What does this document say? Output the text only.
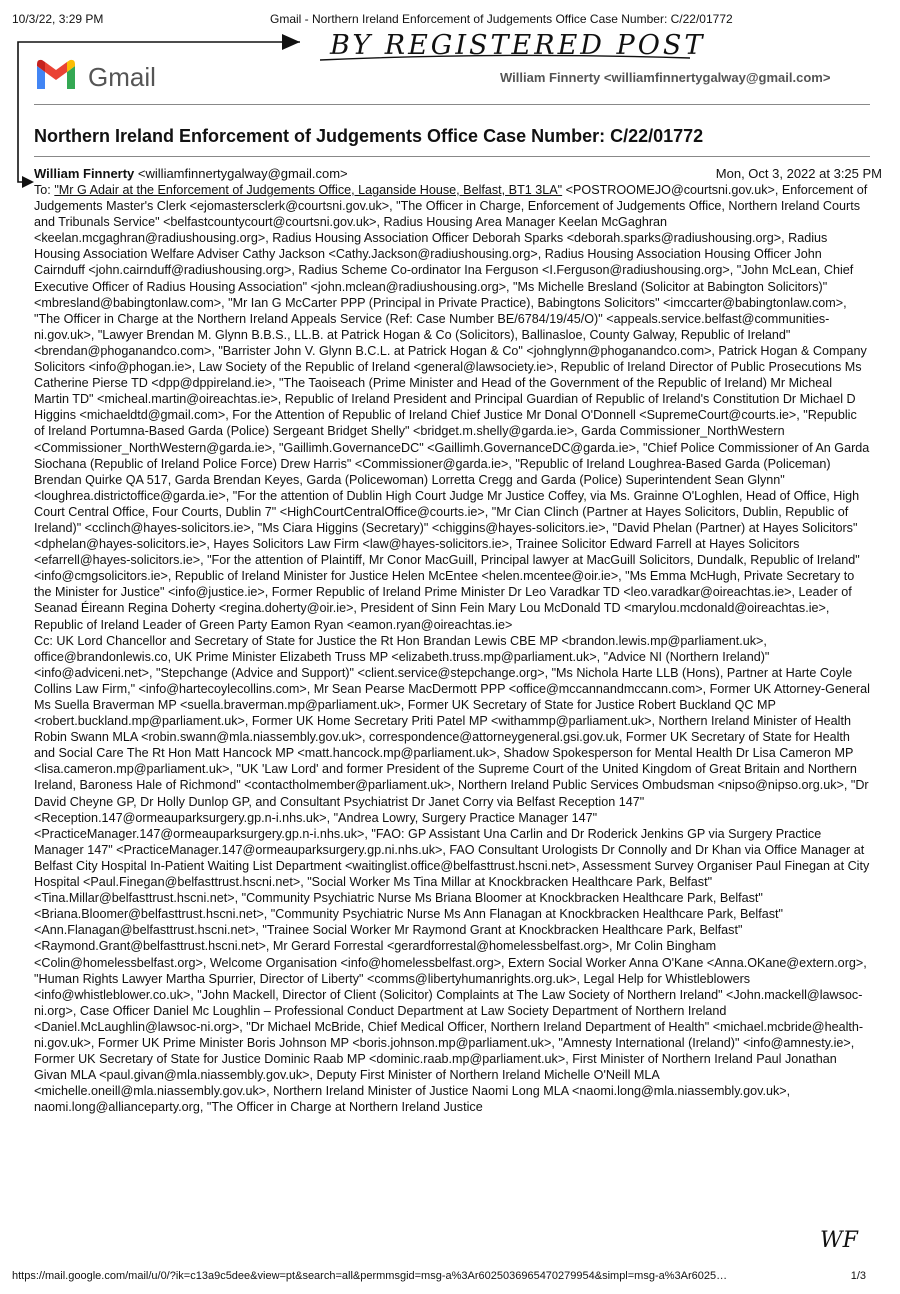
10/3/22, 3:29 PM	Gmail - Northern Ireland Enforcement of Judgements Office Case Number: C/22/01772
BY REGISTERED POST
Gmail	William Finnerty <williamfinnertygalway@gmail.com>
Northern Ireland Enforcement of Judgements Office Case Number: C/22/01772
William Finnerty <williamfinnertygalway@gmail.com>	Mon, Oct 3, 2022 at 3:25 PM
To: "Mr G Adair at the Enforcement of Judgements Office, Laganside House, Belfast, BT1 3LA" <POSTROOMEJO@courtsni.gov.uk>, Enforcement of Judgements Master's Clerk <ejomastersclerk@courtsni.gov.uk>, "The Officer in Charge, Enforcement of Judgements Office, Northern Ireland Courts and Tribunals Service" <belfastcountycourt@courtsni.gov.uk>, Radius Housing Area Manager Keelan McGaghran <keelan.mcgaghran@radiushousing.org>, Radius Housing Association Officer Deborah Sparks <deborah.sparks@radiushousing.org>, Radius Housing Association Welfare Adviser Cathy Jackson <Cathy.Jackson@radiushousing.org>, Radius Housing Association Housing Officer John Cairnduff <john.cairnduff@radiushousing.org>, Radius Scheme Co-ordinator Ina Ferguson <I.Ferguson@radiushousing.org>, "John McLean, Chief Executive Officer of Radius Housing Association" <john.mclean@radiushousing.org>, "Ms Michelle Bresland (Solicitor at Babington Solicitors)" <mbresland@babingtonlaw.com>, "Mr Ian G McCarter PPP (Principal in Private Practice), Babingtons Solicitors" <imccarter@babingtonlaw.com>, "The Officer in Charge at the Northern Ireland Appeals Service (Ref: Case Number BE/6784/19/45/O)" <appeals.service.belfast@communities-ni.gov.uk>, "Lawyer Brendan M. Glynn B.B.S., LL.B. at Patrick Hogan & Co (Solicitors), Ballinasloe, County Galway, Republic of Ireland" <brendan@phoganandco.com>, "Barrister John V. Glynn B.C.L. at Patrick Hogan & Co" <johnglynn@phoganandco.com>, Patrick Hogan & Company Solicitors <info@phogan.ie>, Law Society of the Republic of Ireland <general@lawsociety.ie>, Republic of Ireland Director of Public Prosecutions Ms Catherine Pierse TD <dpp@dppireland.ie>, "The Taoiseach (Prime Minister and Head of the Government of the Republic of Ireland) Mr Micheal Martin TD" <micheal.martin@oireachtas.ie>, Republic of Ireland President and Principal Guardian of Republic of Ireland's Constitution Dr Michael D Higgins <michaeldtd@gmail.com>, For the Attention of Republic of Ireland Chief Justice Mr Donal O'Donnell <SupremeCourt@courts.ie>, "Republic of Ireland Portumna-Based Garda (Police) Sergeant Bridget Shelly" <bridget.m.shelly@garda.ie>, Garda Commissioner_NorthWestern <Commissioner_NorthWestern@garda.ie>, "Gaillimh.GovernanceDC" <Gaillimh.GovernanceDC@garda.ie>, "Chief Police Commissioner of An Garda Siochana (Republic of Ireland Police Force) Drew Harris" <Commissioner@garda.ie>, "Republic of Ireland Loughrea-Based Garda (Policeman) Brendan Quirke QA 517, Garda Brendan Keyes, Garda (Policewoman) Lorretta Cregg and Garda (Police) Superintendent Sean Glynn" <loughrea.districtoffice@garda.ie>, "For the attention of Dublin High Court Judge Mr Justice Coffey, via Ms. Grainne O'Loghlen, Head of Office, High Court Central Office, Four Courts, Dublin 7" <HighCourtCentralOffice@courts.ie>, "Mr Cian Clinch (Partner at Hayes Solicitors, Dublin, Republic of Ireland)" <cclinch@hayes-solicitors.ie>, "Ms Ciara Higgins (Secretary)" <chiggins@hayes-solicitors.ie>, "David Phelan (Partner) at Hayes Solicitors" <dphelan@hayes-solicitors.ie>, Hayes Solicitors Law Firm <law@hayes-solicitors.ie>, Trainee Solicitor Edward Farrell at Hayes Solicitors <efarrell@hayes-solicitors.ie>, "For the attention of Plaintiff, Mr Conor MacGuill, Principal lawyer at MacGuill Solicitors, Dundalk, Republic of Ireland" <info@cmgsolicitors.ie>, Republic of Ireland Minister for Justice Helen McEntee <helen.mcentee@oir.ie>, "Ms Emma McHugh, Private Secretary to the Minister for Justice" <info@justice.ie>, Former Republic of Ireland Prime Minister Dr Leo Varadkar TD <leo.varadkar@oireachtas.ie>, Leader of Seanad Éireann Regina Doherty <regina.doherty@oir.ie>, President of Sinn Fein Mary Lou McDonald TD <marylou.mcdonald@oireachtas.ie>, Republic of Ireland Leader of Green Party Eamon Ryan <eamon.ryan@oireachtas.ie>
Cc: UK Lord Chancellor and Secretary of State for Justice the Rt Hon Brandan Lewis CBE MP <brandon.lewis.mp@parliament.uk>, office@brandonlewis.co, UK Prime Minister Elizabeth Truss MP <elizabeth.truss.mp@parliament.uk>, "Advice NI (Northern Ireland)" <info@adviceni.net>, "Stepchange (Advice and Support)" <client.service@stepchange.org>, "Ms Nichola Harte LLB (Hons), Partner at Harte Coyle Collins Law Firm," <info@hartecoylecollins.com>, Mr Sean Pearse MacDermott PPP <office@mccannandmccann.com>, Former UK Attorney-General Ms Suella Braverman MP <suella.braverman.mp@parliament.uk>, Former UK Secretary of State for Justice Robert Buckland QC MP <robert.buckland.mp@parliament.uk>, Former UK Home Secretary Priti Patel MP <withammp@parliament.uk>, Northern Ireland Minister of Health Robin Swann MLA <robin.swann@mla.niassembly.gov.uk>, correspondence@attorneygeneral.gsi.gov.uk, Former UK Secretary of State for Health and Social Care The Rt Hon Matt Hancock MP <matt.hancock.mp@parliament.uk>, Shadow Spokesperson for Mental Health Dr Lisa Cameron MP <lisa.cameron.mp@parliament.uk>, "UK 'Law Lord' and former President of the Supreme Court of the United Kingdom of Great Britain and Northern Ireland, Baroness Hale of Richmond" <contactholmember@parliament.uk>, Northern Ireland Public Services Ombudsman <nipso@nipso.org.uk>, "Dr David Cheyne GP, Dr Holly Dunlop GP, and Consultant Psychiatrist Dr Janet Corry via Belfast Reception 147" <Reception.147@ormeauparksurgery.gp.n-i.nhs.uk>, "Andrea Lowry, Surgery Practice Manager 147" <PracticeManager.147@ormeauparksurgery.gp.n-i.nhs.uk>, "FAO: GP Assistant Una Carlin and Dr Roderick Jenkins GP via Surgery Practice Manager 147" <PracticeManager.147@ormeauparksurgery.gp.ni.nhs.uk>, FAO Consultant Urologists Dr Connolly and Dr Khan via Office Manager at Belfast City Hospital In-Patient Waiting List Department <waitinglist.office@belfasttrust.hscni.net>, Assessment Survey Organiser Paul Finegan at City Hospital <Paul.Finegan@belfasttrust.hscni.net>, "Social Worker Ms Tina Millar at Knockbracken Healthcare Park, Belfast" <Tina.Millar@belfasttrust.hscni.net>, "Community Psychiatric Nurse Ms Briana Bloomer at Knockbracken Healthcare Park, Belfast" <Briana.Bloomer@belfasttrust.hscni.net>, "Community Psychiatric Nurse Ms Ann Flanagan at Knockbracken Healthcare Park, Belfast" <Ann.Flanagan@belfasttrust.hscni.net>, "Trainee Social Worker Mr Raymond Grant at Knockbracken Healthcare Park, Belfast" <Raymond.Grant@belfasttrust.hscni.net>, Mr Gerard Forrestal <gerardforrestal@homelessbelfast.org>, Mr Colin Bingham <Colin@homelessbelfast.org>, Welcome Organisation <info@homelessbelfast.org>, Extern Social Worker Anna O'Kane <Anna.OKane@extern.org>, "Human Rights Lawyer Martha Spurrier, Director of Liberty" <comms@libertyhumanrights.org.uk>, Legal Help for Whistleblowers <info@whistleblower.co.uk>, "John Mackell, Director of Client (Solicitor) Complaints at The Law Society of Northern Ireland" <John.mackell@lawsoc-ni.org>, Case Officer Daniel Mc Loughlin – Professional Conduct Department at Law Society Department of Northern Ireland <Daniel.McLaughlin@lawsoc-ni.org>, "Dr Michael McBride, Chief Medical Officer, Northern Ireland Department of Health" <michael.mcbride@health-ni.gov.uk>, Former UK Prime Minister Boris Johnson MP <boris.johnson.mp@parliament.uk>, "Amnesty International (Ireland)" <info@amnesty.ie>, Former UK Secretary of State for Justice Dominic Raab MP <dominic.raab.mp@parliament.uk>, First Minister of Northern Ireland Paul Jonathan Givan MLA <paul.givan@mla.niassembly.gov.uk>, Deputy First Minister of Northern Ireland Michelle O'Neill MLA <michelle.oneill@mla.niassembly.gov.uk>, Northern Ireland Minister of Justice Naomi Long MLA <naomi.long@mla.niassembly.gov.uk>, naomi.long@allianceparty.org, "The Officer in Charge at Northern Ireland Justice
WF
https://mail.google.com/mail/u/0/?ik=c13a9c5dee&view=pt&search=all&permmsgid=msg-a%3Ar6025036965470279954&simpl=msg-a%3Ar6025…	1/3
